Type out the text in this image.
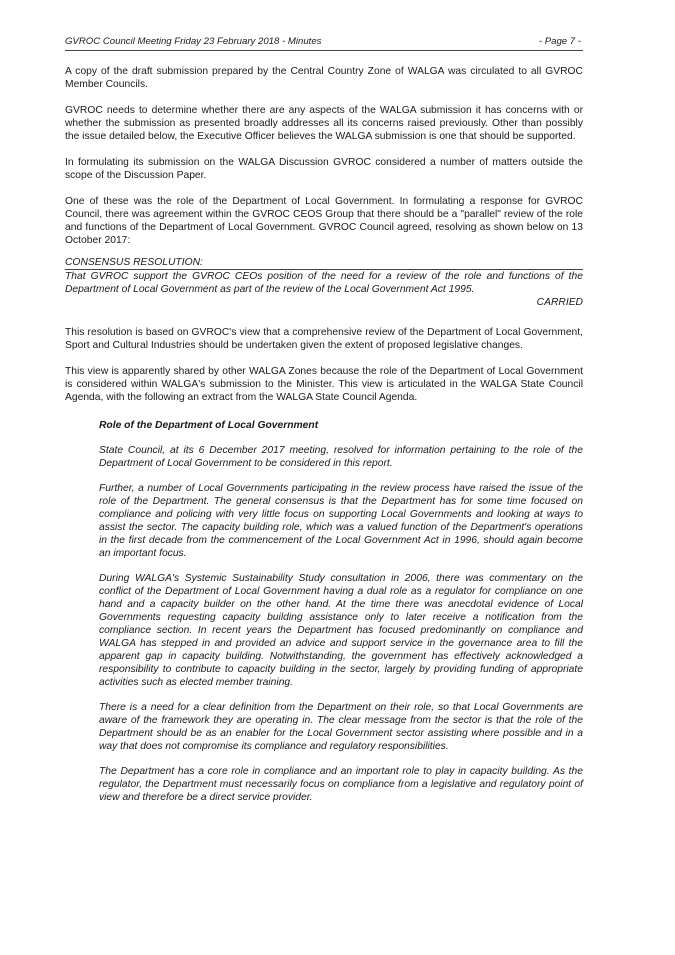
GVROC Council Meeting Friday 23 February 2018 - Minutes	- Page 7 -

A copy of the draft submission prepared by the Central Country Zone of WALGA was circulated to all GVROC Member Councils.

GVROC needs to determine whether there are any aspects of the WALGA submission it has concerns with or whether the submission as presented broadly addresses all its concerns raised previously. Other than possibly the issue detailed below, the Executive Officer believes the WALGA submission is one that should be supported.

In formulating its submission on the WALGA Discussion GVROC considered a number of matters outside the scope of the Discussion Paper.

One of these was the role of the Department of Local Government. In formulating a response for GVROC Council, there was agreement within the GVROC CEOS Group that there should be a "parallel" review of the role and functions of the Department of Local Government. GVROC Council agreed, resolving as shown below on 13 October 2017:

CONSENSUS RESOLUTION:

That GVROC support the GVROC CEOs position of the need for a review of the role and functions of the Department of Local Government as part of the review of the Local Government Act 1995.

CARRIED

This resolution is based on GVROC's view that a comprehensive review of the Department of Local Government, Sport and Cultural Industries should be undertaken given the extent of proposed legislative changes.

This view is apparently shared by other WALGA Zones because the role of the Department of Local Government is considered within WALGA's submission to the Minister. This view is articulated in the WALGA State Council Agenda, with the following an extract from the WALGA State Council Agenda.

Role of the Department of Local Government

State Council, at its 6 December 2017 meeting, resolved for information pertaining to the role of the Department of Local Government to be considered in this report.

Further, a number of Local Governments participating in the review process have raised the issue of the role of the Department. The general consensus is that the Department has for some time focused on compliance and policing with very little focus on supporting Local Governments and looking at ways to assist the sector. The capacity building role, which was a valued function of the Department's operations in the first decade from the commencement of the Local Government Act in 1996, should again become an important focus.

During WALGA's Systemic Sustainability Study consultation in 2006, there was commentary on the conflict of the Department of Local Government having a dual role as a regulator for compliance on one hand and a capacity builder on the other hand. At the time there was anecdotal evidence of Local Governments requesting capacity building assistance only to later receive a notification from the compliance section. In recent years the Department has focused predominantly on compliance and WALGA has stepped in and provided an advice and support service in the governance area to fill the apparent gap in capacity building. Notwithstanding, the government has effectively acknowledged a responsibility to contribute to capacity building in the sector, largely by providing funding of appropriate activities such as elected member training.

There is a need for a clear definition from the Department on their role, so that Local Governments are aware of the framework they are operating in. The clear message from the sector is that the role of the Department should be as an enabler for the Local Government sector assisting where possible and in a way that does not compromise its compliance and regulatory responsibilities.

The Department has a core role in compliance and an important role to play in capacity building. As the regulator, the Department must necessarily focus on compliance from a legislative and regulatory point of view and therefore be a direct service provider.
